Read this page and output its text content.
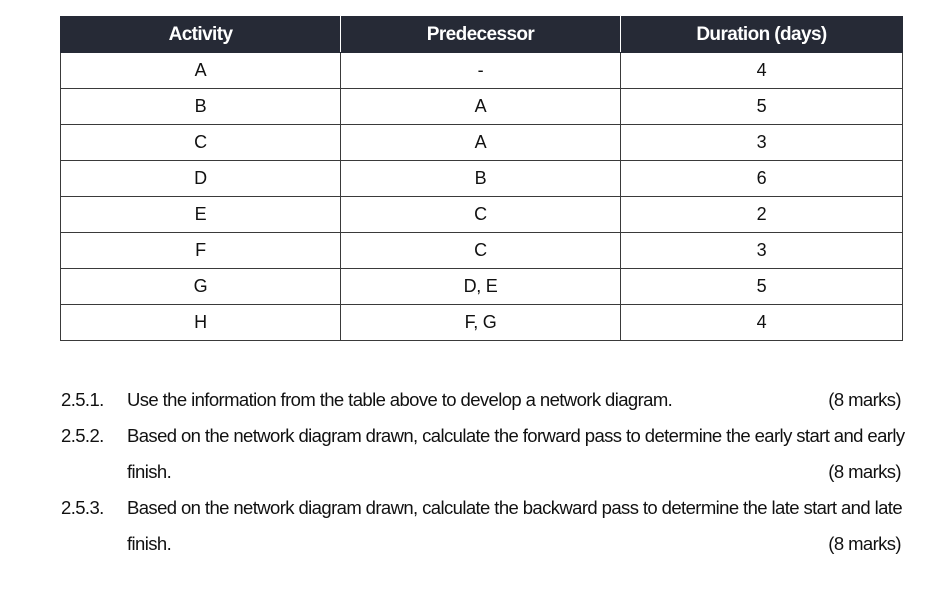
Activity	Predecessor	Duration (days)
A	-	4
B	A	5
C	A	3
D	B	6
E	C	2
F	C	3
G	D, E	5
H	F, G	4
2.5.1.	Use the information from the table above to develop a network diagram.	(8 marks)
2.5.2.	Based on the network diagram drawn, calculate the forward pass to determine the early start and early
finish.	(8 marks)
2.5.3.	Based on the network diagram drawn, calculate the backward pass to determine the late start and late
finish.	(8 marks)
